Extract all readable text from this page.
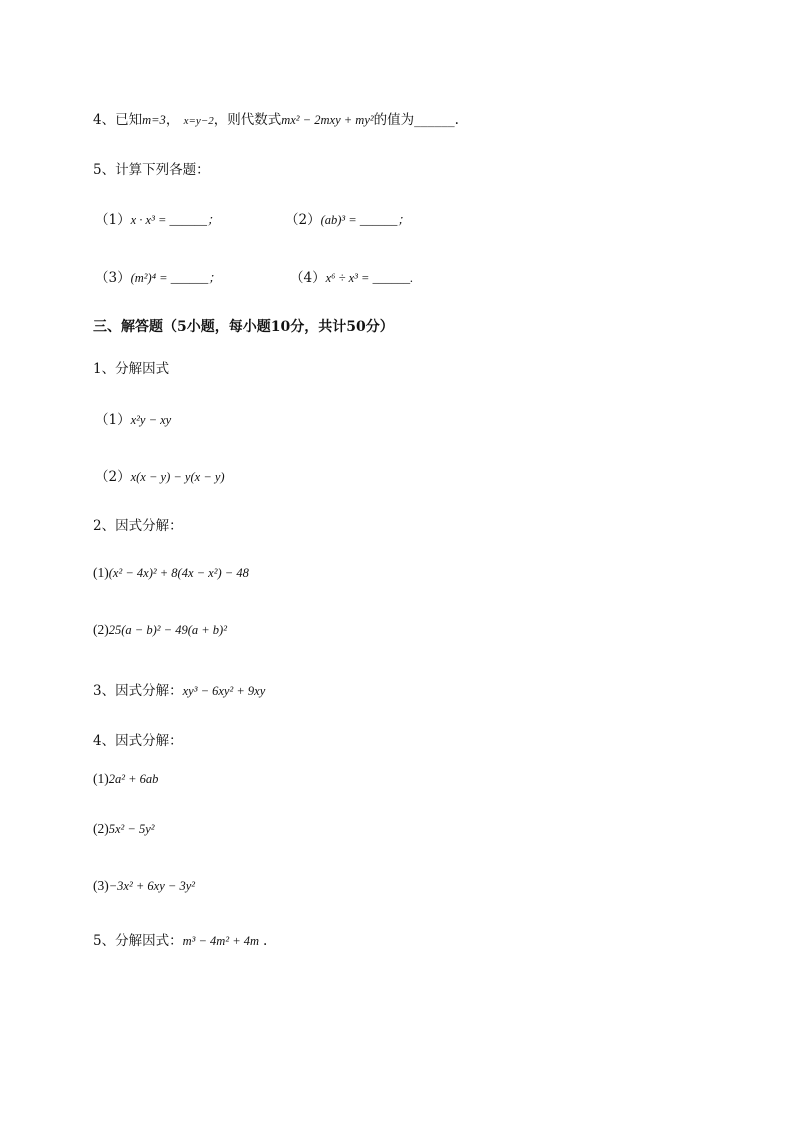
4、已知m=3， x=y−2，则代数式mx² − 2mxy + my²的值为______.
5、计算下列各题：
（1）x · x³ = ______；	（2）(ab)³ = ______；
（3）(m²)⁴ = ______；	（4）x⁶ ÷ x³ = ______.
三、解答题（5小题，每小题10分，共计50分）
1、分解因式
（1）x²y − xy
（2）x(x − y) − y(x − y)
2、因式分解：
(1)(x² − 4x)² + 8(4x − x²) − 48
(2)25(a − b)² − 49(a + b)²
3、因式分解：xy³ − 6xy² + 9xy
4、因式分解：
(1)2a² + 6ab
(2)5x² − 5y²
(3)−3x² + 6xy − 3y²
5、分解因式：m³ − 4m² + 4m .
